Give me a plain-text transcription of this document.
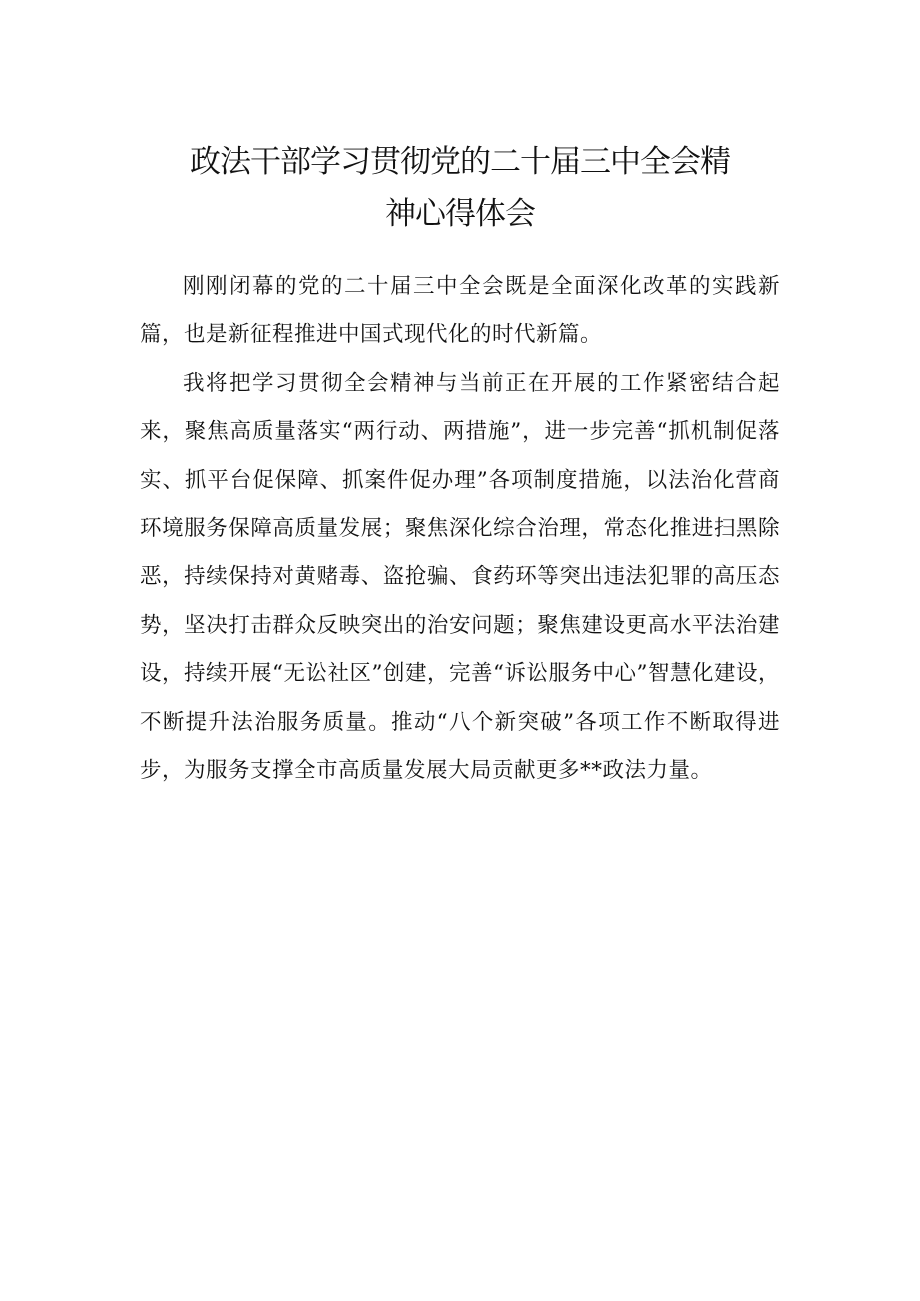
政法干部学习贯彻党的二十届三中全会精
神心得体会

刚刚闭幕的党的二十届三中全会既是全面深化改革的实践新篇，也是新征程推进中国式现代化的时代新篇。

我将把学习贯彻全会精神与当前正在开展的工作紧密结合起来，聚焦高质量落实“两行动、两措施”，进一步完善“抓机制促落实、抓平台促保障、抓案件促办理”各项制度措施，以法治化营商环境服务保障高质量发展；聚焦深化综合治理，常态化推进扫黑除恶，持续保持对黄赌毒、盗抢骗、食药环等突出违法犯罪的高压态势，坚决打击群众反映突出的治安问题；聚焦建设更高水平法治建设，持续开展“无讼社区”创建，完善“诉讼服务中心”智慧化建设，不断提升法治服务质量。推动“八个新突破”各项工作不断取得进步，为服务支撑全市高质量发展大局贡献更多**政法力量。
